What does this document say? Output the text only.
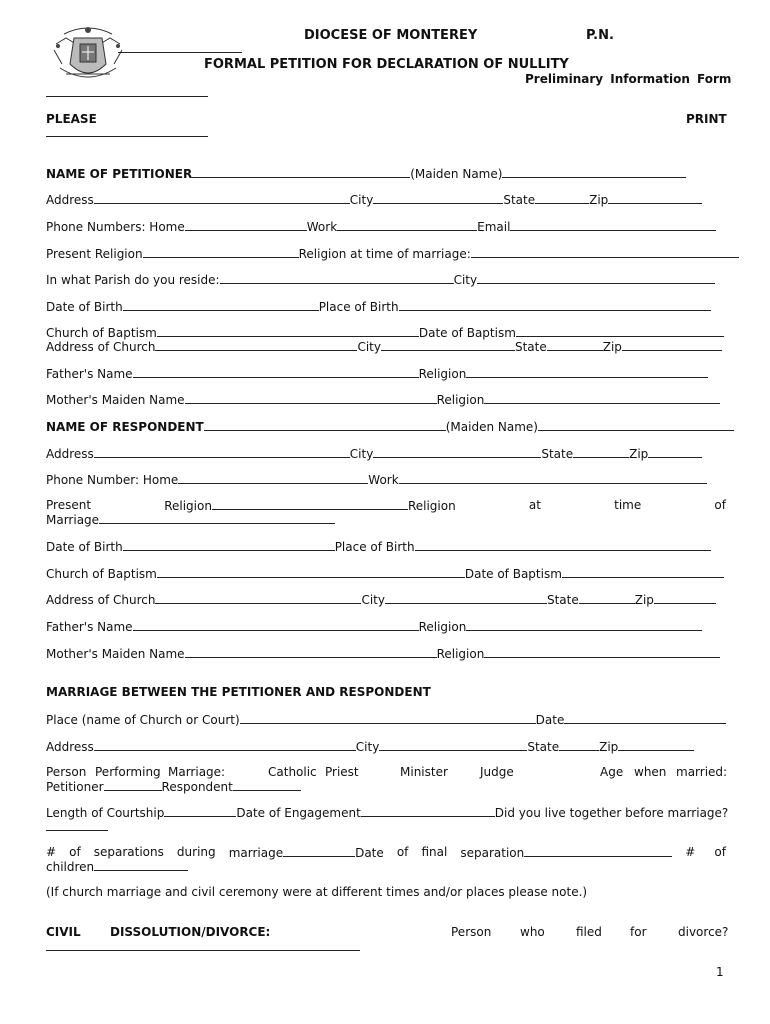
DIOCESE OF MONTEREY	P.N.
FORMAL PETITION FOR DECLARATION OF NULLITY
Preliminary Information Form
PLEASE	PRINT
NAME OF PETITIONER	(Maiden Name)
Address	City	State	Zip
Phone Numbers: Home	Work	Email
Present Religion	Religion at time of marriage:
In what Parish do you reside:	City
Date of Birth	Place of Birth
Church of Baptism	Date of Baptism
Address of Church	City	State	Zip
Father's Name	Religion
Mother's Maiden Name	Religion
NAME OF RESPONDENT	(Maiden Name)
Address	City	State	Zip
Phone Number: Home	Work
Present	Religion	Religion	at	time	of
Marriage
Date of Birth	Place of Birth
Church of Baptism	Date of Baptism
Address of Church	City	State	Zip
Father's Name	Religion
Mother's Maiden Name	Religion
MARRIAGE BETWEEN THE PETITIONER AND RESPONDENT
Place (name of Church or Court)	Date
Address	City	State	Zip
Person Performing Marriage:	Catholic Priest	Minister	Judge	Age when married:
Petitioner	Respondent
Length of Courtship	Date of Engagement	Did you live together before marriage?
# of separations during marriage	Date of final separation	#     of
children
(If church marriage and civil ceremony were at different times and/or places please note.)
CIVIL DISSOLUTION/DIVORCE:	Person who	filed for	divorce?
1
